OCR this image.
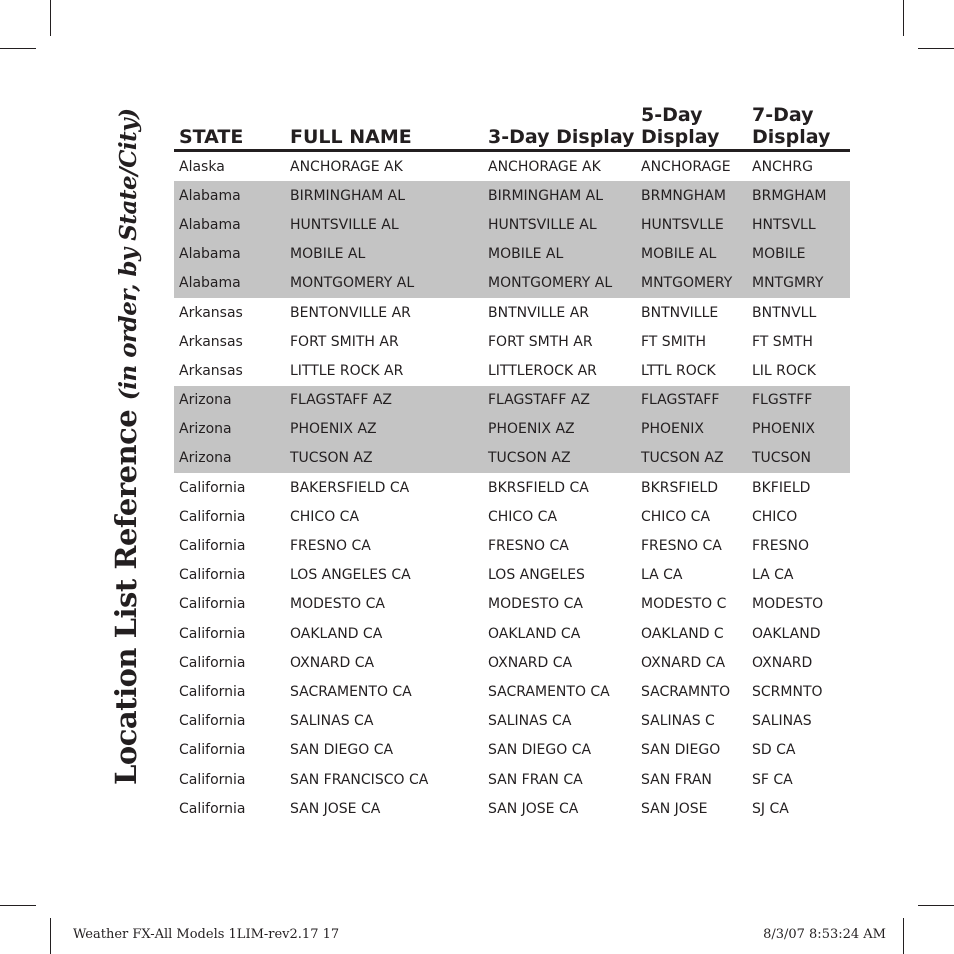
Location List Reference (in order, by State/City) STATE	FULL NAME	3-Day Display	5-Day Display	7-Day Display
Alaska	ANCHORAGE AK	ANCHORAGE AK	ANCHORAGE	ANCHRG
Alabama	BIRMINGHAM AL	BIRMINGHAM AL	BRMNGHAM	BRMGHAM
Alabama	HUNTSVILLE AL	HUNTSVILLE AL	HUNTSVLLE	HNTSVLL
Alabama	MOBILE AL	MOBILE AL	MOBILE AL	MOBILE
Alabama	MONTGOMERY AL	MONTGOMERY AL	MNTGOMERY	MNTGMRY
Arkansas	BENTONVILLE AR	BNTNVILLE AR	BNTNVILLE	BNTNVLL
Arkansas	FORT SMITH AR	FORT SMTH AR	FT SMITH	FT SMTH
Arkansas	LITTLE ROCK AR	LITTLEROCK AR	LTTL ROCK	LIL ROCK
Arizona	FLAGSTAFF AZ	FLAGSTAFF AZ	FLAGSTAFF	FLGSTFF
Arizona	PHOENIX AZ	PHOENIX AZ	PHOENIX	PHOENIX
Arizona	TUCSON AZ	TUCSON AZ	TUCSON AZ	TUCSON
California	BAKERSFIELD CA	BKRSFIELD CA	BKRSFIELD	BKFIELD
California	CHICO CA	CHICO CA	CHICO CA	CHICO
California	FRESNO CA	FRESNO CA	FRESNO CA	FRESNO
California	LOS ANGELES CA	LOS ANGELES	LA CA	LA CA
California	MODESTO CA	MODESTO CA	MODESTO C	MODESTO
California	OAKLAND CA	OAKLAND CA	OAKLAND C	OAKLAND
California	OXNARD CA	OXNARD CA	OXNARD CA	OXNARD
California	SACRAMENTO CA	SACRAMENTO CA	SACRAMNTO	SCRMNTO
California	SALINAS CA	SALINAS CA	SALINAS C	SALINAS
California	SAN DIEGO CA	SAN DIEGO CA	SAN DIEGO	SD CA
California	SAN FRANCISCO CA	SAN FRAN CA	SAN FRAN	SF CA
California	SAN JOSE CA	SAN JOSE CA	SAN JOSE	SJ CA
Weather FX-All Models 1LIM-rev2.17 17	8/3/07 8:53:24 AM
